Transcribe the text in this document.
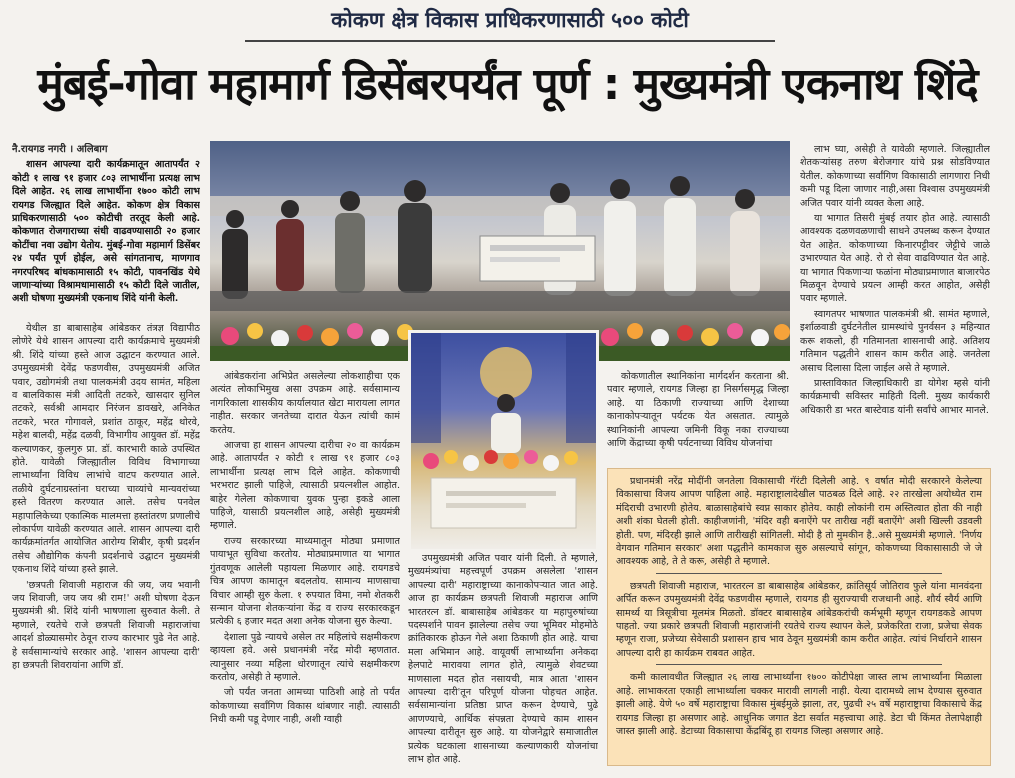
कोकण क्षेत्र विकास प्राधिकरणासाठी ५०० कोटी
मुंबई-गोवा महामार्ग डिसेंबरपर्यंत पूर्ण : मुख्यमंत्री एकनाथ शिंदे

नै.रायगड नगरी । अलिबाग

शासन आपल्या दारी कार्यक्रमातून आतापर्यंत २ कोटी १ लाख ९१ हजार ८०३ लाभार्थीना प्रत्यक्ष लाभ दिले आहेत. २६ लाख लाभार्थीना १७०० कोटी लाभ रायगड जिल्ह्यात दिले आहेत. कोकण क्षेत्र विकास प्राधिकरणासाठी ५०० कोटीची तरतूद केली आहे. कोकणात रोजगाराच्या संधी वाढवण्यासाठी २० हजार कोटींचा नवा उद्योग येतोय. मुंबई-गोवा महामार्ग डिसेंबर २४ पर्यंत पूर्ण होईल, असे सांगतानाच, माणगाव नगरपरिषद बांधकामासाठी १५ कोटी, पावनखिंड येथे जाणाऱ्यांच्या विश्रामधामासाठी १५ कोटी दिले जातील, अशी घोषणा मुख्यमंत्री एकनाथ शिंदे यांनी केली.

येथील डा बाबासाहेब आंबेडकर तंत्रज्ञ विद्यापीठ लोणेरे येथे शासन आपल्या दारी कार्यक्रमाचे मुख्यमंत्री श्री. शिंदे यांच्या हस्ते आज उद्घाटन करण्यात आले. उपमुख्यमंत्री देवेंद्र फडणवीस, उपमुख्यमंत्री अजित पवार, उद्योगमंत्री तथा पालकमंत्री उदय सामंत, महिला व बालविकास मंत्री आदिती तटकरे, खासदार सुनिल तटकरे, सर्वश्री आमदार निरंजन डावखरे, अनिकेत तटकरे, भरत गोगावले, प्रशांत ठाकूर, महेंद्र थोरवे, महेश बालदी, महेंद्र दळवी, विभागीय आयुक्त डॉ. महेंद्र कल्याणकर, कुलगुरु प्रा. डॉ. कारभारी काळे उपस्थित होते. यावेळी जिल्ह्यातील विविध विभागाच्या लाभार्थ्यांना विविध लाभांचे वाटप करण्यात आले. तळीये दुर्घटनाग्रस्तांना घराच्या चाव्यांचे मान्यवरांच्या हस्ते वितरण करण्यात आले. तसेच पनवेल महापालिकेच्या एकात्मिक मालमत्ता हस्तांतरण प्रणालीचे लोकार्पण यावेळी करण्यात आले. शासन आपल्या दारी कार्यक्रमांतर्गत आयोजित आरोग्य शिबीर, कृषी प्रदर्शन तसेच औद्योगिक कंपनी प्रदर्शनाचे उद्घाटन मुख्यमंत्री एकनाथ शिंदे यांच्या हस्ते झाले.

'छत्रपती शिवाजी महाराज की जय, जय भवानी जय शिवाजी, जय जय श्री राम!' अशी घोषणा देऊन मुख्यमंत्री श्री. शिंदे यांनी भाषणाला सुरुवात केली. ते म्हणाले, रयतेचे राजे छत्रपती शिवाजी महाराजांचा आदर्श डोळ्यासमोर ठेवून राज्य कारभार पुढे नेत आहे. हे सर्वसामान्यांचे सरकार आहे. 'शासन आपल्या दारी' हा छत्रपती शिवरायांना आणि डॉ.

आंबेडकरांना अभिप्रेत असलेल्या लोकशाहीचा एक अत्यंत लोकाभिमुख असा उपक्रम आहे. सर्वसामान्य नागरिकाला शासकीय कार्यालयात खेटा मारायला लागत नाहीत. सरकार जनतेच्या दारात येऊन त्यांची कामं करतेय.

आजचा हा शासन आपल्या दारीचा २० वा कार्यक्रम आहे. आतापर्यंत २ कोटी १ लाख ९१ हजार ८०३ लाभार्थीना प्रत्यक्ष लाभ दिले आहेत. कोकणाची भरभराट झाली पाहिजे, त्यासाठी प्रयत्नशील आहोत. बाहेर गेलेला कोकणाचा युवक पुन्हा इकडे आला पाहिजे, यासाठी प्रयत्नशील आहे, असेही मुख्यमंत्री म्हणाले.

राज्य सरकारच्या माध्यमातून मोठ्या प्रमाणात पायाभूत सुविधा करतोय. मोठ्याप्रमाणात या भागात गुंतवणूक आलेली पहायला मिळणार आहे. रायगडचे चित्र आपण कामातून बदलतोय. सामान्य माणसाचा विचार आम्ही सुरु केला. १ रुपयात विमा, नमो शेतकरी सन्मान योजना शेतकऱ्यांना केंद्र व राज्य सरकारकडून प्रत्येकी ६ हजार मदत अशा अनेक योजना सुरु केल्या.

देशाला पुढे न्यायचे असेल तर महिलांचे सक्षमीकरण व्हायला हवे. असे प्रधानमंत्री नरेंद्र मोदी म्हणतात. त्यानुसार नव्या महिला धोरणातून त्यांचे सक्षमीकरण करतोय, असेही ते म्हणाले.

जो पर्यंत जनता आमच्या पाठिशी आहे तो पर्यंत कोकणाच्या सर्वांगिण विकास थांबणार नाही. त्यासाठी निधी कमी पडू देणार नाही, अशी ग्वाही

उपमुख्यमंत्री अजित पवार यांनी दिली. ते म्हणाले, मुख्यमंत्र्यांचा महत्त्वपूर्ण उपक्रम असलेला 'शासन आपल्या दारी' महाराष्ट्राच्या कानाकोपऱ्यात जात आहे. आज हा कार्यक्रम छत्रपती शिवाजी महाराज आणि भारतरत्न डॉ. बाबासाहेब आंबेडकर या महापुरुषांच्या पदस्पर्शाने पावन झालेल्या तसेच ज्या भूमिवर मोहमोठे क्रांतिकारक होऊन गेले अशा ठिकाणी होत आहे. याचा मला अभिमान आहे. वायूवर्षी लाभार्थ्यांना अनेकदा हेलपाटे मारावया लागत होते, त्यामुळे शेवटच्या माणसाला मदत होत नसायची, मात्र आता 'शासन आपल्या दारी'तून परिपूर्ण योजना पोहचत आहेत. सर्वसामान्यांना प्रतिष्ठा प्राप्त करून देण्याचे, पुढे आणण्याचे, आर्थिक संपन्नता देण्याचे काम शासन आपल्या दारीतून सुरु आहे. या योजनेद्वारे समाजातील प्रत्येक घटकाला शासनाच्या कल्याणकारी योजनांचा लाभ होत आहे.

कोकणातील स्थानिकांना मार्गदर्शन करताना श्री. पवार म्हणाले, रायगड जिल्हा हा निसर्गसमृद्ध जिल्हा आहे. या ठिकाणी राज्याच्या आणि देशाच्या कानाकोपऱ्यातून पर्यटक येत असतात. त्यामुळे स्थानिकांनी आपल्या जमिनी विकू नका राज्याच्या आणि केंद्राच्या कृषी पर्यटनाच्या विविध योजनांचा

लाभ घ्या, असेही ते यावेळी म्हणाले. जिल्ह्यातील शेतकऱ्यांसह तरुण बेरोजगार यांचे प्रश्न सोडविण्यात येतील. कोकणाच्या सर्वांगिण विकासाठी लागणारा निधी कमी पडू दिला जाणार नाही,असा विश्वास उपमुख्यमंत्री अजित पवार यांनी व्यक्त केला आहे.

या भागात तिसरी मुंबई तयार होत आहे. त्यासाठी आवश्यक दळणवळणाची साधने उपलब्ध करून देण्यात येत आहेत. कोकणाच्या किनारपट्टीवर जेट्टीचे जाळे उभारण्यात येत आहे. रो रो सेवा वाढविण्यात येत आहे. या भागात पिकणाऱ्या फळांना मोठ्याप्रमाणात बाजारपेठ मिळवून देण्याचे प्रयत्न आम्ही करत आहोत, असेही पवार म्हणाले.

स्वागतपर भाषणात पालकमंत्री श्री. सामंत म्हणाले, इर्शाळवाडी दुर्घटनेतील ग्रामस्थांचे पुनर्वसन ३ महिन्यात करू शकलो, ही गतिमानता शासनाची आहे. अतिशय गतिमान पद्धतीने शासन काम करीत आहे. जनतेला असाच दिलासा दिला जाईल असे ते म्हणाले.

प्रास्ताविकात जिल्हाधिकारी डा योगेश म्हसे यांनी कार्यक्रमाची सविस्तर माहिती दिली. मुख्य कार्यकारी अधिकारी डा भरत बास्टेवाड यांनी सर्वांचे आभार मानले.

प्रधानमंत्री नरेंद्र मोदींनी जनतेला विकासाची गॅरंटी दिलेली आहे. ९ वर्षात मोदी सरकारने केलेल्या विकासाचा विजय आपण पाहिला आहे. महाराष्ट्रालादेखील पाठबळ दिले आहे. २२ तारखेला अयोध्येत राम मंदिराची उभारणी होतेय. बाळासाहेबांचे स्वप्न साकार होतेय. काही लोकांनी राम अस्तित्वात होता की नाही अशी शंका घेतली होती. काहीजणांनी, 'मंदिर वही बनाऐंगे पर तारीख नहीं बताऐंगे' अशी खिल्ली उडवली होती. पण, मंदिरही झाले आणि तारीखही सांगितली. मोदी है तो मुमकीन है..असे मुख्यमंत्री म्हणाले. 'निर्णय वेगवान गतिमान सरकार' अशा पद्धतीने कामकाज सुरु असल्याचे सांगून, कोकणच्या विकासासाठी जे जे आवश्यक आहे, ते ते करू, असेही ते म्हणाले.

छत्रपती शिवाजी महाराज, भारतरत्न डा बाबासाहेब आंबेडकर, क्रांतिसूर्य जोतिराव फुले यांना मानवंदना अर्पित करून उपमुख्यमंत्री देवेंद्र फडणवीस म्हणाले, रायगड ही सुराज्याची राजधानी आहे. शौर्य स्वैर्य आणि सामर्थ्य या त्रिसूत्रीचा मूलमंत्र मिळतो. डॉक्टर बाबासाहेब आंबेडकरांची कर्मभूमी म्हणून रायगडकडे आपण पाहतो. ज्या प्रकारे छत्रपती शिवाजी महाराजांनी रयतेचे राज्य स्थापन केले, प्रजेकरिता राजा, प्रजेचा सेवक म्हणून राजा, प्रजेच्या सेवेसाठी प्रशासन हाच भाव ठेवून मुख्यमंत्री काम करीत आहेत. त्यांचं निर्धाराने शासन आपल्या दारी हा कार्यक्रम राबवत आहेत.

कमी कालावधीत जिल्ह्यात २६ लाख लाभार्थ्यांना १७०० कोटीपेक्षा जास्त लाभ लाभार्थ्यांना मिळाला आहे. लाभाकरता एकाही लाभार्थ्याला चक्कर मारावी लागली नाही. येत्या दारामध्ये लाभ देण्यास सुरुवात झाली आहे. येणे ५० वर्षे महाराष्ट्राचा विकास मुंबईमुळे झाला, तर, पुढची २५ वर्षे महाराष्ट्राचा विकासाचे केंद्र रायगड जिल्हा हा असणार आहे. आधुनिक जगात डेटा सर्वात महत्त्वाचा आहे. डेटा ची किंमत तेलापेक्षाही जास्त झाली आहे. डेटाच्या विकासाचा केंद्रबिंदू हा रायगड जिल्हा असणार आहे.
